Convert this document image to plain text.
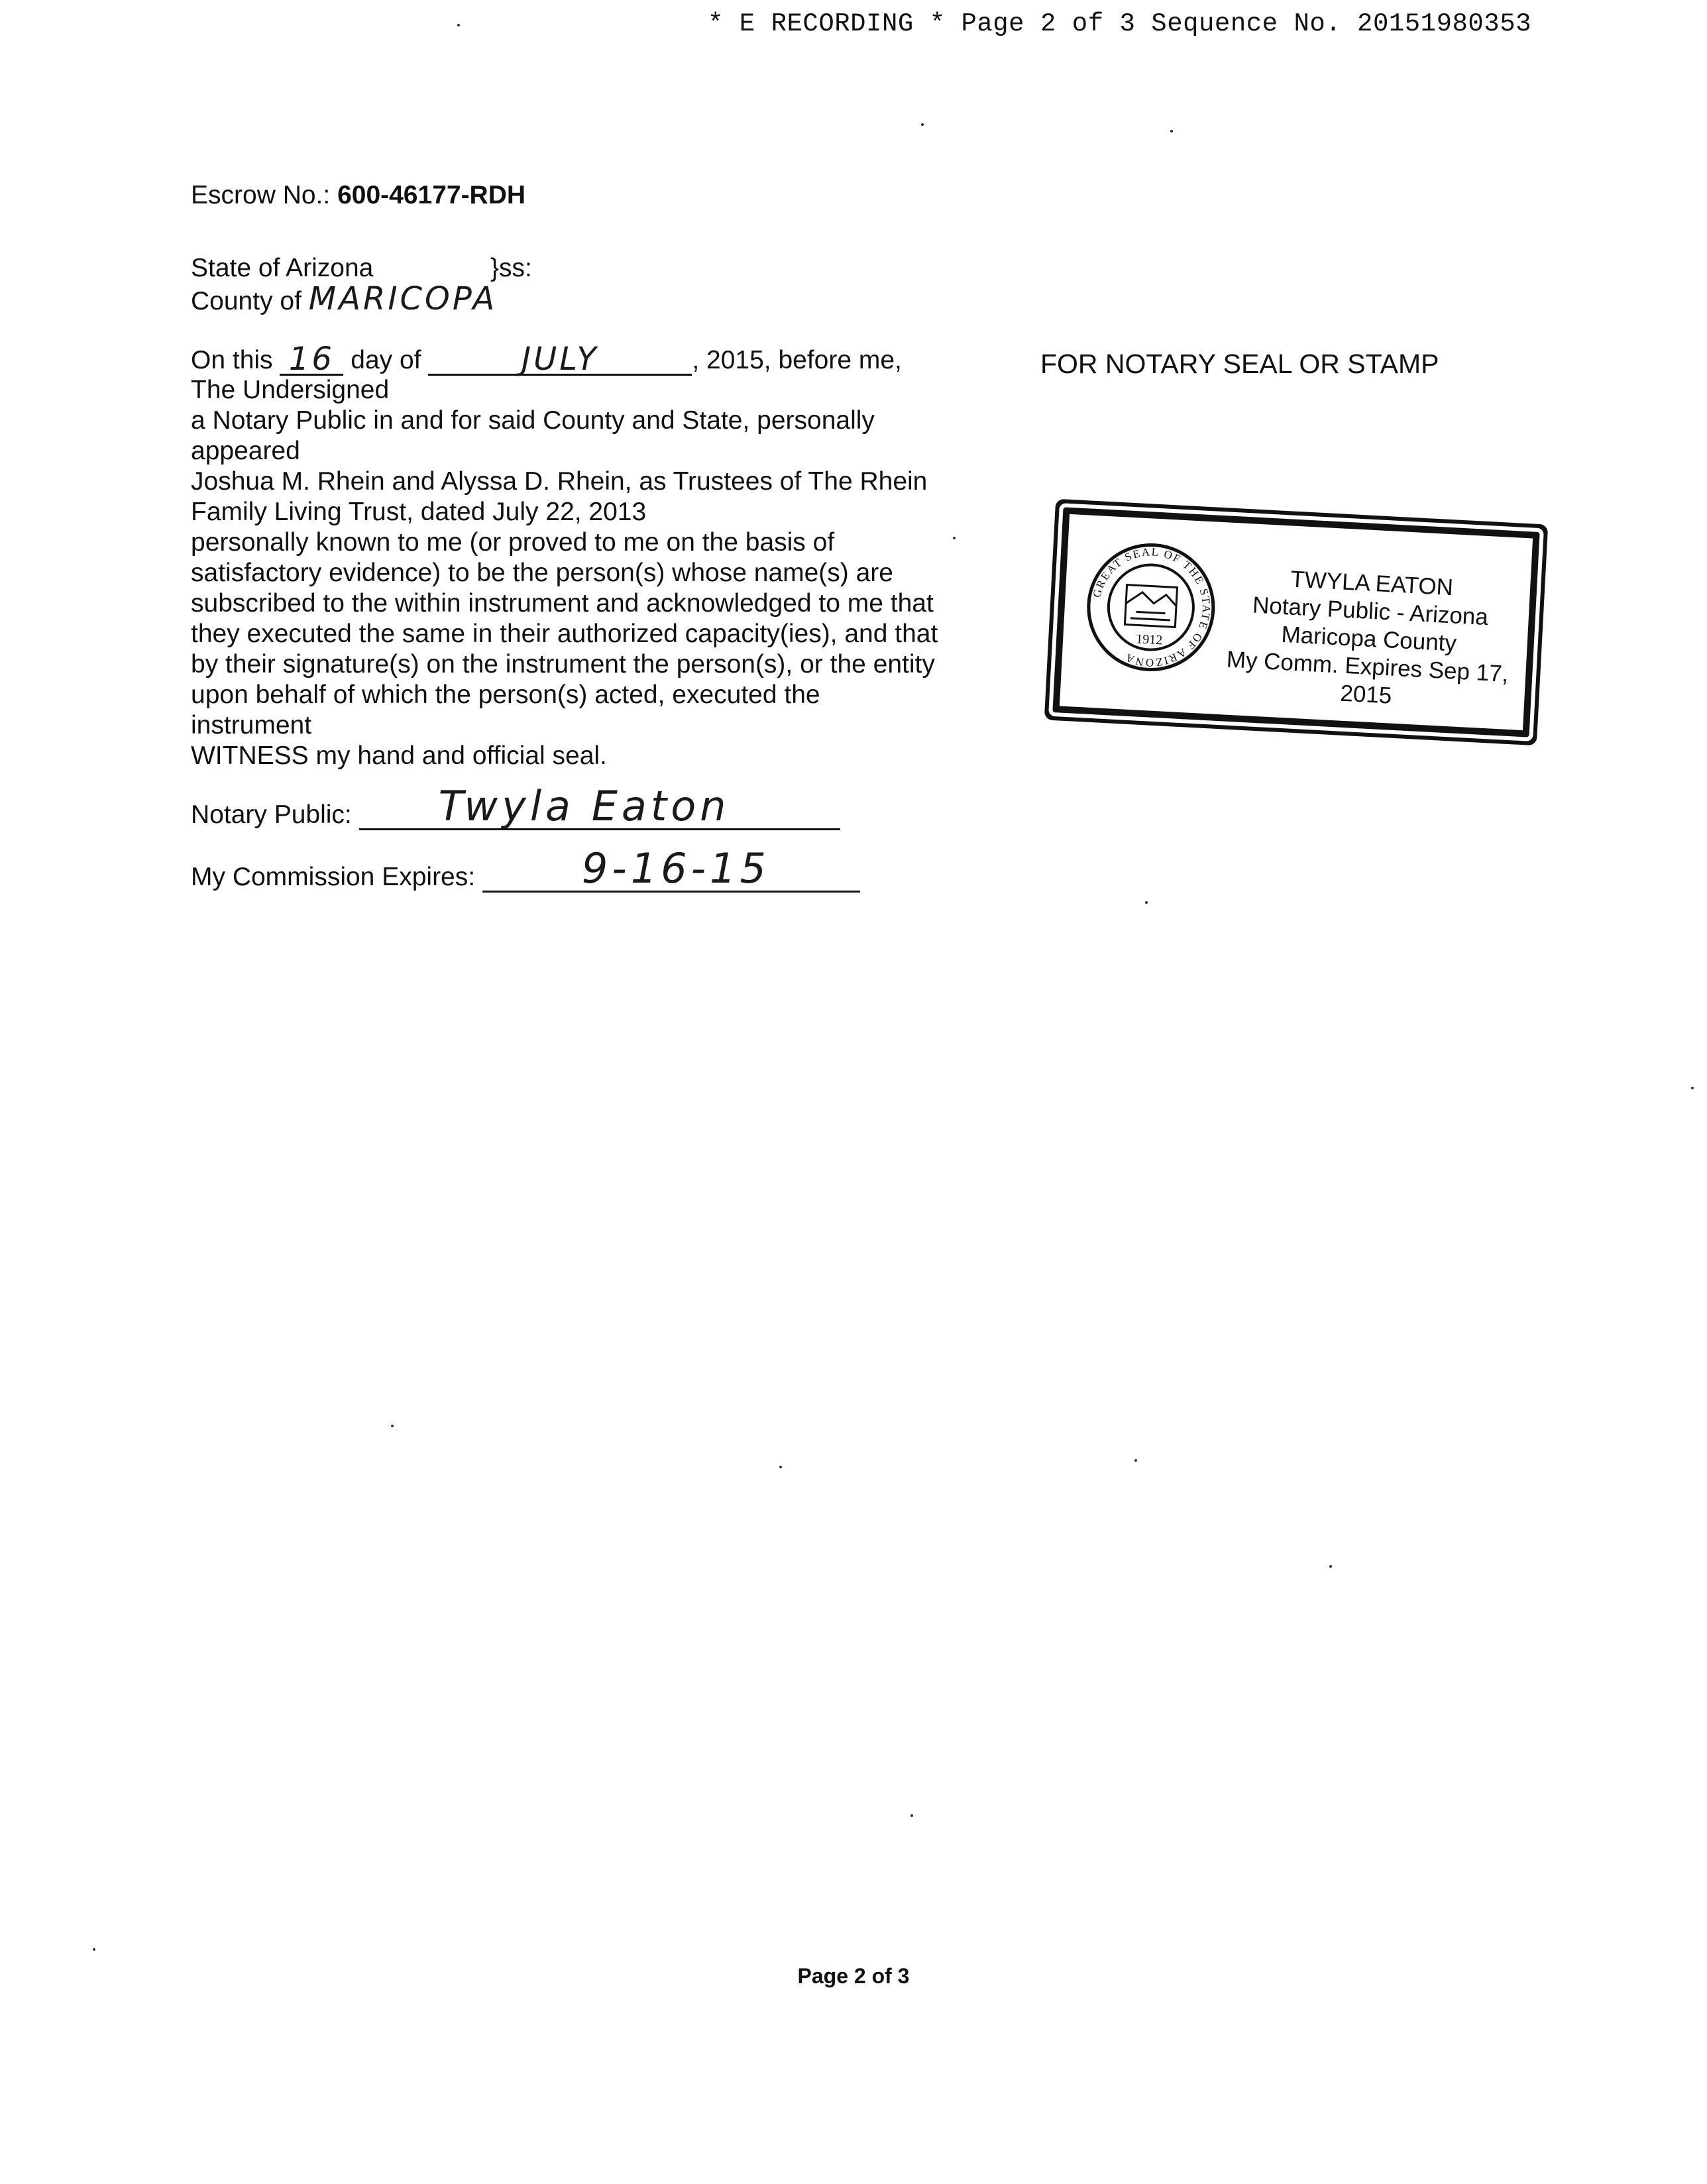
* E RECORDING * Page 2 of 3 Sequence No. 20151980353
Escrow No.: 600-46177-RDH
State of Arizona	}ss:
County of MARICOPA
On this 16 day of	JULY	, 2015, before me,

The Undersigned

a Notary Public in and for said County and State, personally

appeared

Joshua M. Rhein and Alyssa D. Rhein, as Trustees of The Rhein

Family Living Trust, dated July 22, 2013

personally known to me (or proved to me on the basis of

satisfactory evidence) to be the person(s) whose name(s) are

subscribed to the within instrument and acknowledged to me that

they executed the same in their authorized capacity(ies), and that

by their signature(s) on the instrument the person(s), or the entity

upon behalf of which the person(s) acted, executed the

instrument

WITNESS my hand and official seal.

Notary Public: Twyla Eaton
My Commission Expires:	9-16-15
FOR NOTARY SEAL OR STAMP
GREAT SEAL OF THE STATE OF ARIZONA
1912
TWYLA EATON
Notary Public - Arizona
Maricopa County
My Comm. Expires Sep 17, 2015
Page 2 of 3
